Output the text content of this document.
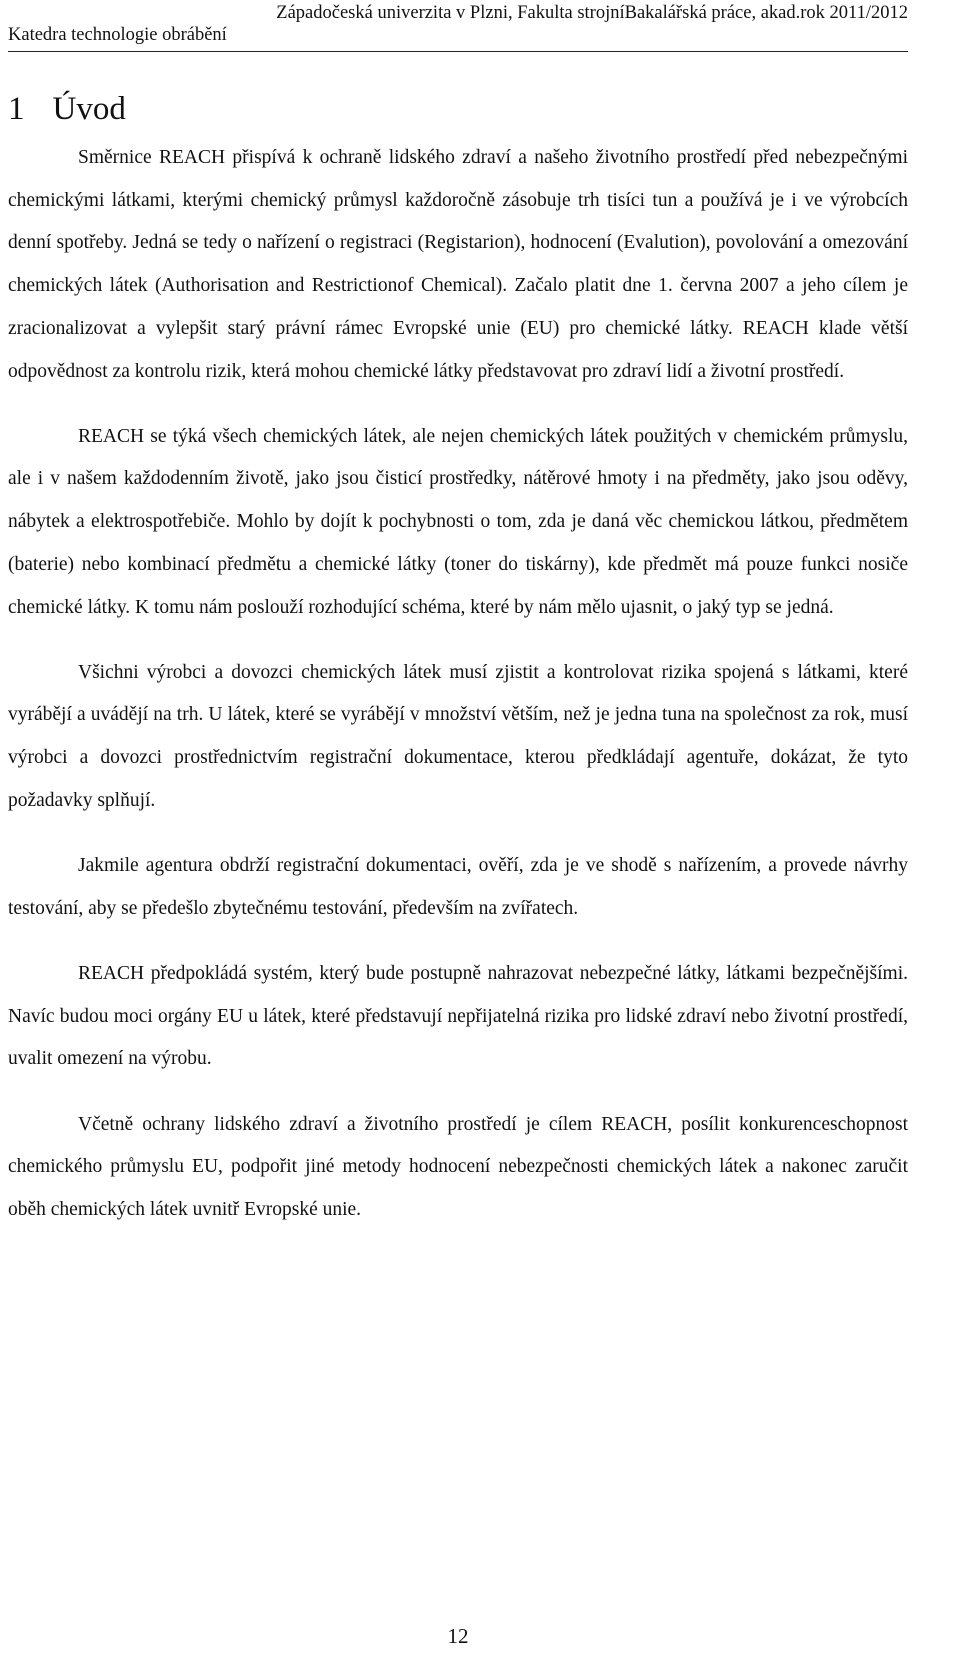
Západočeská univerzita v Plzni, Fakulta strojníBakalářská práce, akad.rok 2011/2012
Katedra technologie obrábění
1 Úvod

Směrnice REACH přispívá k ochraně lidského zdraví a našeho životního prostředí před nebezpečnými chemickými látkami, kterými chemický průmysl každoročně zásobuje trh tisíci tun a používá je i ve výrobcích denní spotřeby. Jedná se tedy o nařízení o registraci (Registarion), hodnocení (Evalution), povolování a omezování chemických látek (Authorisation and Restrictionof Chemical). Začalo platit dne 1. června 2007 a jeho cílem je zracionalizovat a vylepšit starý právní rámec Evropské unie (EU) pro chemické látky. REACH klade větší odpovědnost za kontrolu rizik, která mohou chemické látky představovat pro zdraví lidí a životní prostředí.

REACH se týká všech chemických látek, ale nejen chemických látek použitých v chemickém průmyslu, ale i v našem každodenním životě, jako jsou čisticí prostředky, nátěrové hmoty i na předměty, jako jsou oděvy, nábytek a elektrospotřebiče. Mohlo by dojít k pochybnosti o tom, zda je daná věc chemickou látkou, předmětem (baterie) nebo kombinací předmětu a chemické látky (toner do tiskárny), kde předmět má pouze funkci nosiče chemické látky. K tomu nám poslouží rozhodující schéma, které by nám mělo ujasnit, o jaký typ se jedná.

Všichni výrobci a dovozci chemických látek musí zjistit a kontrolovat rizika spojená s látkami, které vyrábějí a uvádějí na trh. U látek, které se vyrábějí v množství větším, než je jedna tuna na společnost za rok, musí výrobci a dovozci prostřednictvím registrační dokumentace, kterou předkládají agentuře, dokázat, že tyto požadavky splňují.

Jakmile agentura obdrží registrační dokumentaci, ověří, zda je ve shodě s nařízením, a provede návrhy testování, aby se předešlo zbytečnému testování, především na zvířatech.

REACH předpokládá systém, který bude postupně nahrazovat nebezpečné látky, látkami bezpečnějšími. Navíc budou moci orgány EU u látek, které představují nepřijatelná rizika pro lidské zdraví nebo životní prostředí, uvalit omezení na výrobu.

Včetně ochrany lidského zdraví a životního prostředí je cílem REACH, posílit konkurenceschopnost chemického průmyslu EU, podpořit jiné metody hodnocení nebezpečnosti chemických látek a nakonec zaručit oběh chemických látek uvnitř Evropské unie.

12
